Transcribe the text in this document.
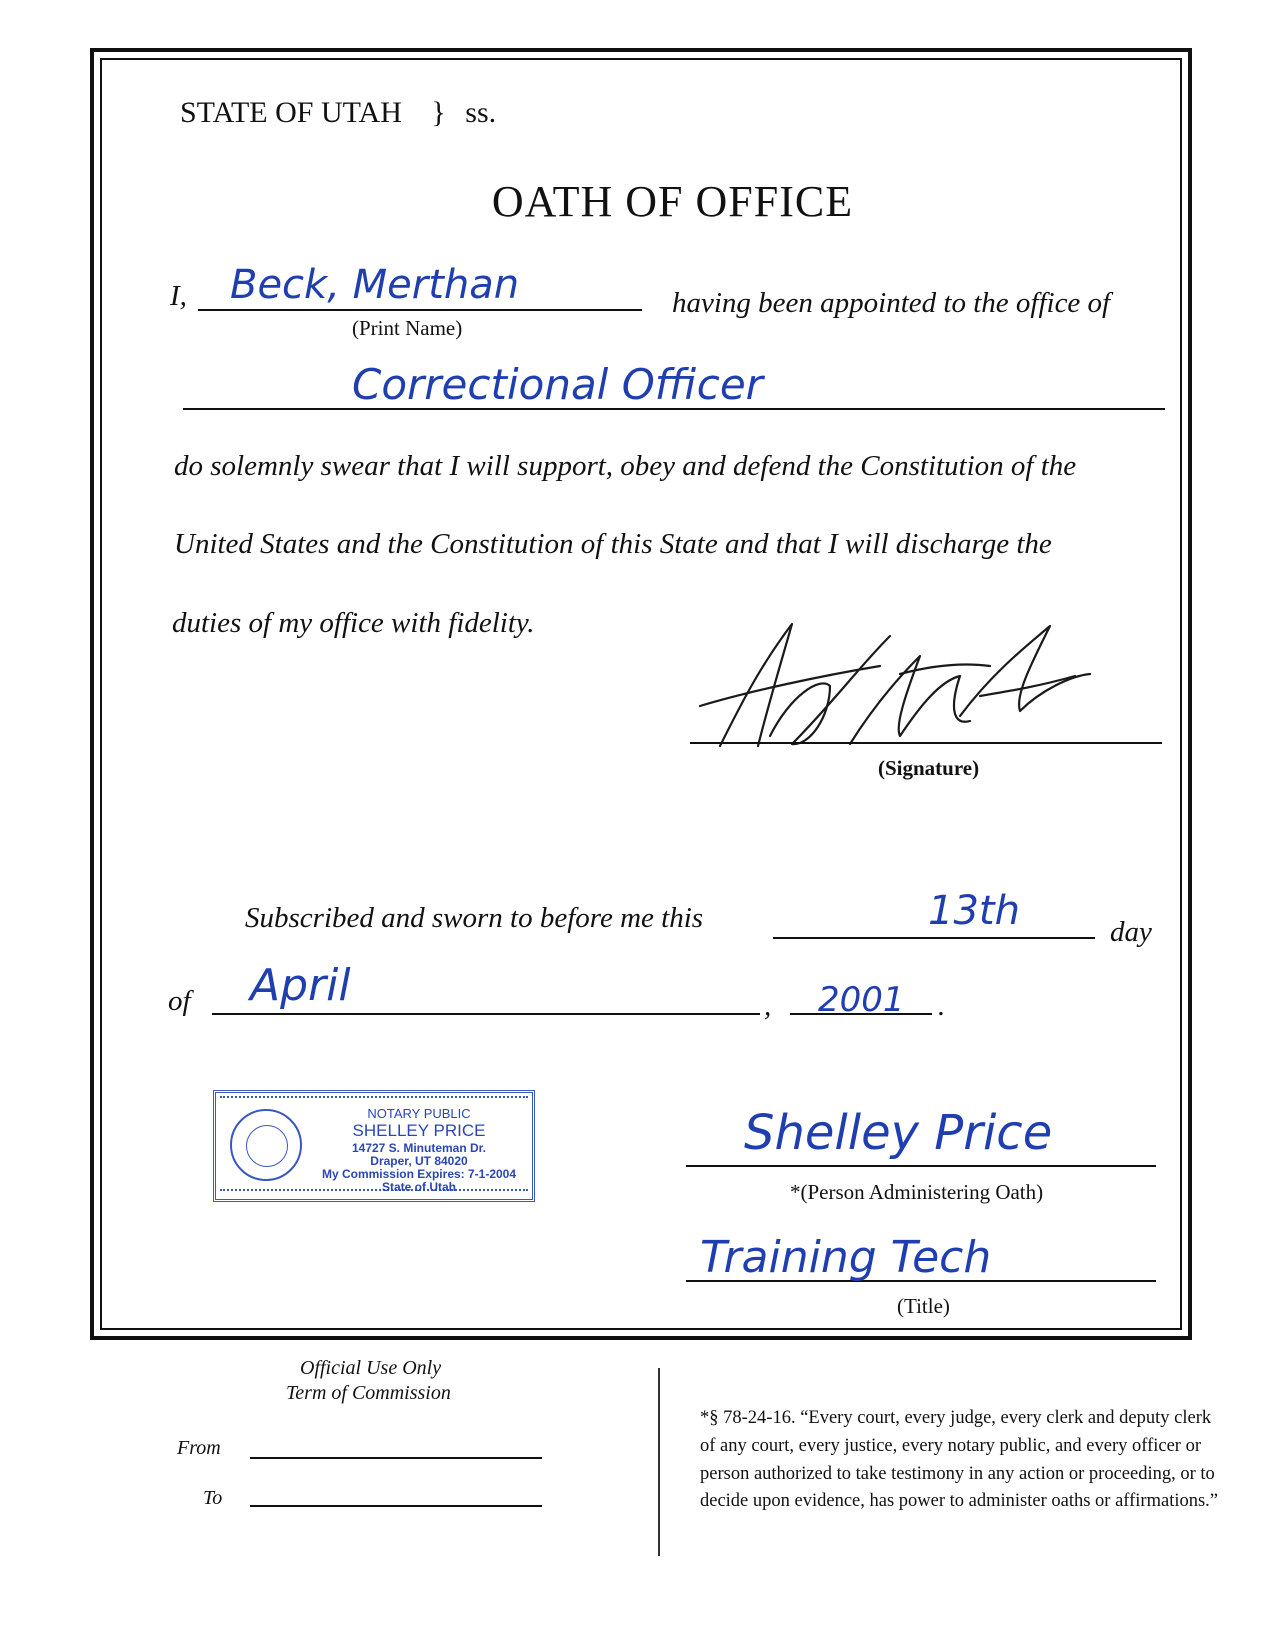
STATE OF UTAH } ss.
OATH OF OFFICE
I, Beck, Merthan
(Print Name)
having been appointed to the office of
Correctional Officer
do solemnly swear that I will support, obey and defend the Constitution of the
United States and the Constitution of this State and that I will discharge the
duties of my office with fidelity.
(Signature)
Subscribed and sworn to before me this	13th	day
of April	, 2001 .
NOTARY PUBLIC
SHELLEY PRICE
14727 S. Minuteman Dr.
Draper, UT 84020
My Commission Expires: 7-1-2004
State of Utah
Shelley Price
*(Person Administering Oath)
Training Tech
(Title)
Official Use Only
Term of Commission
From
To
*§ 78-24-16. “Every court, every judge, every clerk and deputy clerk of any court, every justice, every notary public, and every officer or person authorized to take testimony in any action or proceeding, or to decide upon evidence, has power to administer oaths or affirmations.”
